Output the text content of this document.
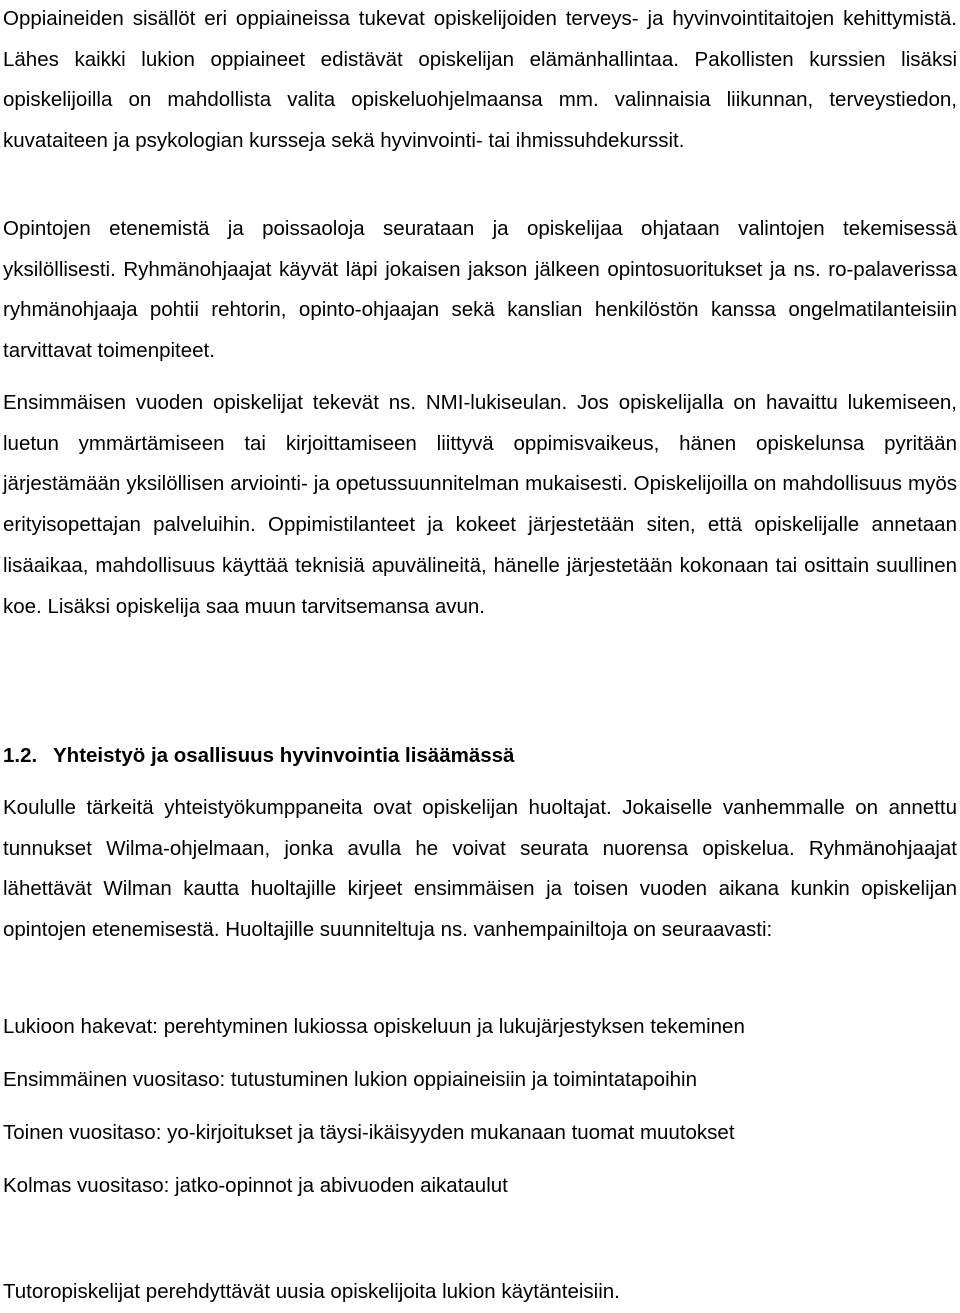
Oppiaineiden sisällöt eri oppiaineissa tukevat opiskelijoiden terveys- ja hyvinvointitaitojen kehittymistä. Lähes kaikki lukion oppiaineet edistävät opiskelijan elämänhallintaa. Pakollisten kurssien lisäksi opiskelijoilla on mahdollista valita opiskeluohjelmaansa mm. valinnaisia liikunnan, terveystiedon, kuvataiteen ja psykologian kursseja sekä hyvinvointi- tai ihmissuhdekurssit.

Opintojen etenemistä ja poissaoloja seurataan ja opiskelijaa ohjataan valintojen tekemisessä yksilöllisesti. Ryhmänohjaajat käyvät läpi jokaisen jakson jälkeen opintosuoritukset ja ns. ro-palaverissa ryhmänohjaaja pohtii rehtorin, opinto-ohjaajan sekä kanslian henkilöstön kanssa ongelmatilanteisiin tarvittavat toimenpiteet.

Ensimmäisen vuoden opiskelijat tekevät ns. NMI-lukiseulan. Jos opiskelijalla on havaittu lukemiseen, luetun ymmärtämiseen tai kirjoittamiseen liittyvä oppimisvaikeus, hänen opiskelunsa pyritään järjestämään yksilöllisen arviointi- ja opetussuunnitelman mukaisesti. Opiskelijoilla on mahdollisuus myös erityisopettajan palveluihin. Oppimistilanteet ja kokeet järjestetään siten, että opiskelijalle annetaan lisäaikaa, mahdollisuus käyttää teknisiä apuvälineitä, hänelle järjestetään kokonaan tai osittain suullinen koe. Lisäksi opiskelija saa muun tarvitsemansa avun.

1.2. Yhteistyö ja osallisuus hyvinvointia lisäämässä

Koululle tärkeitä yhteistyökumppaneita ovat opiskelijan huoltajat. Jokaiselle vanhemmalle on annettu tunnukset Wilma-ohjelmaan, jonka avulla he voivat seurata nuorensa opiskelua. Ryhmänohjaajat lähettävät Wilman kautta huoltajille kirjeet ensimmäisen ja toisen vuoden aikana kunkin opiskelijan opintojen etenemisestä. Huoltajille suunniteltuja ns. vanhempainiltoja on seuraavasti:

Lukioon hakevat: perehtyminen lukiossa opiskeluun ja lukujärjestyksen tekeminen

Ensimmäinen vuositaso: tutustuminen lukion oppiaineisiin ja toimintatapoihin

Toinen vuositaso: yo-kirjoitukset ja täysi-ikäisyyden mukanaan tuomat muutokset

Kolmas vuositaso: jatko-opinnot ja abivuoden aikataulut

Tutoropiskelijat perehdyttävät uusia opiskelijoita lukion käytänteisiin.
